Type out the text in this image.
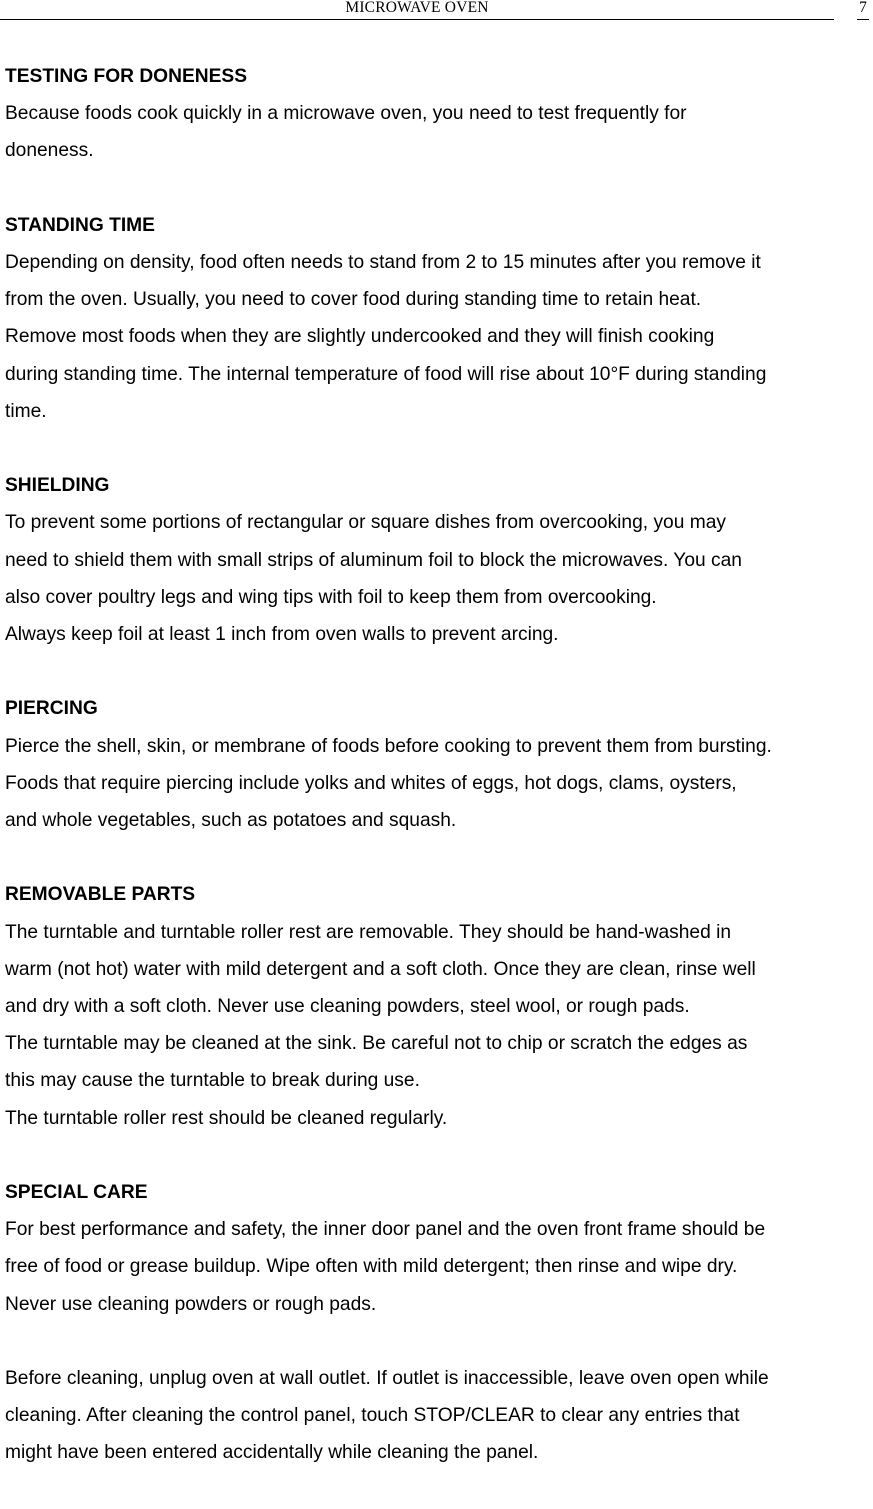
MICROWAVE OVEN	7
TESTING FOR DONENESS
Because foods cook quickly in a microwave oven, you need to test frequently for
doneness.
STANDING TIME
Depending on density, food often needs to stand from 2 to 15 minutes after you remove it
from the oven. Usually, you need to cover food during standing time to retain heat.
Remove most foods when they are slightly undercooked and they will finish cooking
during standing time. The internal temperature of food will rise about 10°F during standing
time.
SHIELDING
To prevent some portions of rectangular or square dishes from overcooking, you may
need to shield them with small strips of aluminum foil to block the microwaves. You can
also cover poultry legs and wing tips with foil to keep them from overcooking.
Always keep foil at least 1 inch from oven walls to prevent arcing.
PIERCING
Pierce the shell, skin, or membrane of foods before cooking to prevent them from bursting.
Foods that require piercing include yolks and whites of eggs, hot dogs, clams, oysters,
and whole vegetables, such as potatoes and squash.
REMOVABLE PARTS
The turntable and turntable roller rest are removable. They should be hand-washed in
warm (not hot) water with mild detergent and a soft cloth. Once they are clean, rinse well
and dry with a soft cloth. Never use cleaning powders, steel wool, or rough pads.
The turntable may be cleaned at the sink. Be careful not to chip or scratch the edges as
this may cause the turntable to break during use.
The turntable roller rest should be cleaned regularly.
SPECIAL CARE
For best performance and safety, the inner door panel and the oven front frame should be
free of food or grease buildup. Wipe often with mild detergent; then rinse and wipe dry.
Never use cleaning powders or rough pads.
Before cleaning, unplug oven at wall outlet. If outlet is inaccessible, leave oven open while
cleaning. After cleaning the control panel, touch STOP/CLEAR to clear any entries that
might have been entered accidentally while cleaning the panel.
